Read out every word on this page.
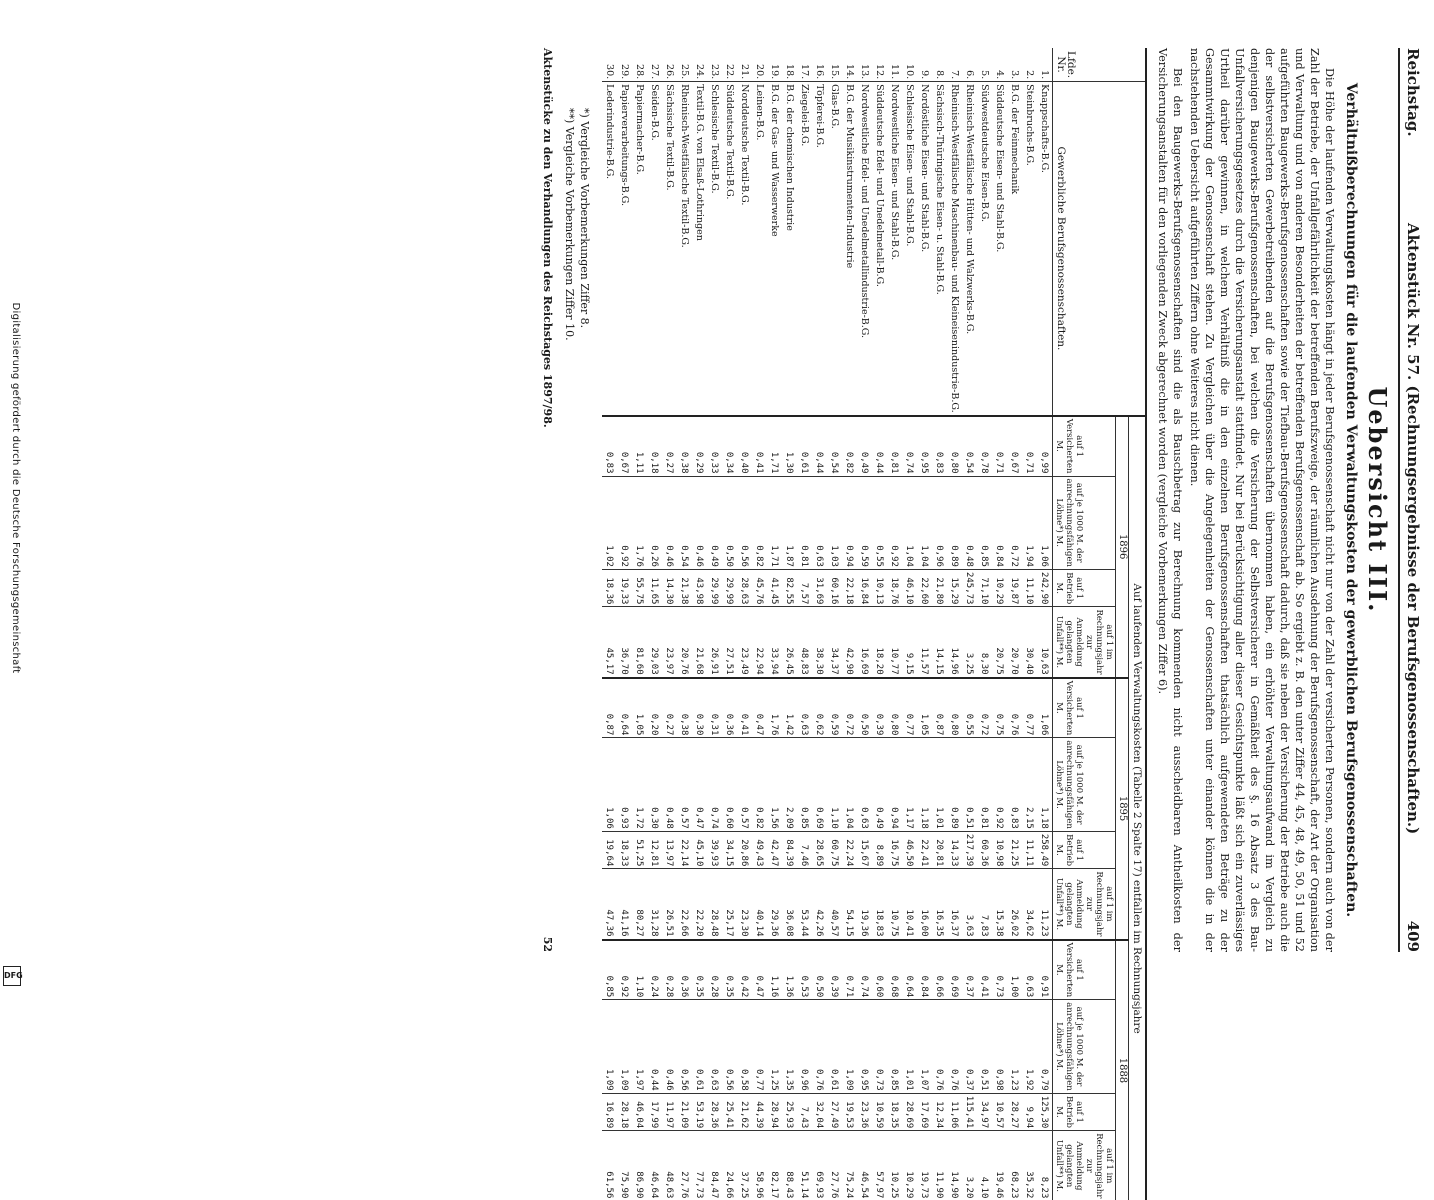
Digitalisierung gefördert durch die Deutsche Forschungsgemeinschaft
DFG
Reichstag.
Aktenstück Nr. 57. (Rechnungsergebnisse der Berufsgenossenschaften.)
409
Uebersicht III.
Verhältnißberechnungen für die laufenden Verwaltungskosten der gewerblichen Berufsgenossenschaften.

Die Höhe der laufenden Verwaltungskosten hängt in jeder Berufsgenossenschaft nicht nur von der Zahl der versicherten Personen, sondern auch von der Zahl der Betriebe, der Unfallgefährlichkeit der betreffenden Berufszweige, der räumlichen Ausdehnung der Berufsgenossenschaft, der Art der Organisation und Verwaltung und von anderen Besonderheiten der betreffenden Berufsgenossenschaft ab. So ergiebt z. B. den unter Ziffer 44, 45, 48, 49, 50, 51 und 52 aufgeführten Baugewerks-Berufsgenossenschaften sowie der Tiefbau-Berufsgenossenschaft dadurch, daß sie neben der Versicherung der Betriebe auch die der selbstversicherten Gewerbetreibenden auf die Berufsgenossenschaften übernommen haben, ein erhöhter Verwaltungsaufwand im Vergleich zu denjenigen Baugewerks-Berufsgenossenschaften, bei welchen die Versicherung der Selbstversicherer in Gemäßheit des §. 16 Absatz 3 des Bau-Unfallversicherungsgesetzes durch die Versicherungsanstalt stattfindet. Nur bei Berücksichtigung aller dieser Gesichtspunkte läßt sich ein zuverlässiges Urtheil darüber gewinnen, in welchem Verhältniß die in den einzelnen Berufsgenossenschaften thatsächlich aufgewendeten Beträge zu der Gesammtwirkung der Genossenschaft stehen. Zu Vergleichen über die Angelegenheiten der Genossenschaften unter einander können die in der nachstehenden Uebersicht aufgeführten Ziffern ohne Weiteres nicht dienen.

Bei den Baugewerks-Berufsgenossenschaften sind die als Bauschbetrag zur Berechnung kommenden nicht ausscheidbaren Antheilkosten der Versicherungsanstalten für den vorliegenden Zweck abgerechnet worden (vergleiche Vorbemerkungen Ziffer 6).

Lfde. Nr.	Gewerbliche Berufsgenossenschaften.	Auf laufenden Verwaltungskosten (Tabelle 2 Spalte 17) entfallen im Rechnungsjahre											
		1896				1895				1888			
		auf 1 Versicherten M.	auf je 1000 M. der anrechnungsfähigen Löhne*) M.	auf 1 Betrieb M.	auf 1 im Rechnungsjahr zur Anmeldung gelangten Unfall**) M.	auf 1 Versicherten M.	auf je 1000 M. der anrechnungsfähigen Löhne*) M.	auf 1 Betrieb M.	auf 1 im Rechnungsjahr zur Anmeldung gelangten Unfall**) M.	auf 1 Versicherten M.	auf je 1000 M. der anrechnungsfähigen Löhne*) M.	auf 1 Betrieb M.	auf 1 im Rechnungsjahr zur Anmeldung gelangten Unfall**) M.
1.	Knappschafts-B.G.	0,99	1,06	242,90	10,63	1,06	1,18	258,49	11,23	0,91	0,79	125,30	8,23
2.	Steinbruchs-B.G.	0,71	1,94	11,10	30,40	0,77	2,15	11,11	34,62	0,63	1,92	9,94	35,32
3.	B.G. der Feinmechanik	0,67	0,72	19,87	20,70	0,76	0,83	21,25	26,02	1,00	1,23	28,27	68,23
4.	Süddeutsche Eisen- und Stahl-B.G.	0,71	0,84	10,29	20,75	0,75	0,92	10,98	15,38	0,73	0,98	10,57	19,46
5.	Südwestdeutsche Eisen-B.G.	0,78	0,85	71,10	8,30	0,72	0,81	60,36	7,83	0,41	0,51	34,97	4,10
6.	Rheinisch-Westfälische Hütten- und Walzwerks-B.G.	0,54	0,48	245,73	3,25	0,55	0,51	217,39	3,63	0,37	0,37	115,41	3,20
7.	Rheinisch-Westfälische Maschinenbau- und Kleineisenindustrie-B.G.	0,80	0,89	15,29	14,96	0,80	0,89	14,33	16,37	0,69	0,76	11,06	14,90
8.	Sächsisch-Thüringische Eisen- u. Stahl-B.G.	0,83	0,96	21,80	14,15	0,87	1,01	20,81	16,35	0,66	0,76	12,34	11,90
9.	Nordöstliche Eisen- und Stahl-B.G.	0,95	1,04	22,60	11,57	1,05	1,18	22,41	16,00	0,84	1,07	17,69	19,73
10.	Schlesische Eisen- und Stahl-B.G.	0,74	1,04	46,10	9,15	0,77	1,17	46,50	10,41	0,64	1,01	28,69	10,29
11.	Nordwestliche Eisen- und Stahl-B.G.	0,81	0,92	18,76	10,77	0,80	0,94	16,75	10,75	0,68	0,85	18,35	10,25
12.	Süddeutsche Edel- und Unedelmetall-B.G.	0,44	0,55	10,13	18,20	0,39	0,49	8,89	18,83	0,60	0,73	10,59	57,97
13.	Nordwestliche Edel- und Unedelmetallindustrie-B.G.	0,49	0,59	16,84	16,69	0,50	0,63	15,67	19,36	0,74	0,95	23,36	46,54
14.	B.G. der Musikinstrumenten-Industrie	0,82	0,94	22,18	42,90	0,72	1,04	22,24	54,15	0,71	1,09	19,53	75,24
15.	Glas-B.G.	0,54	1,03	60,16	34,37	0,59	1,10	60,75	40,57	0,39	0,61	27,49	27,76
16.	Töpferei-B.G.	0,44	0,63	31,69	38,30	0,62	0,69	28,65	42,26	0,50	0,76	32,04	69,93
17.	Ziegelei-B.G.	0,61	0,81	7,57	48,83	0,63	0,85	7,46	53,44	0,53	0,96	7,43	51,14
18.	B.G. der chemischen Industrie	1,30	1,87	82,55	26,45	1,42	2,09	84,39	36,08	1,36	1,35	25,93	88,43
19.	B.G. der Gas- und Wasserwerke	1,71	1,71	41,45	33,94	1,76	1,56	42,47	29,36	1,16	1,25	28,94	82,17
20.	Leinen-B.G.	0,41	0,82	45,76	22,94	0,47	0,82	49,43	40,14	0,47	0,77	44,39	58,96
21.	Norddeutsche Textil-B.G.	0,40	0,56	28,63	23,49	0,41	0,57	20,86	23,30	0,42	0,58	21,62	37,25
22.	Süddeutsche Textil-B.G.	0,34	0,50	29,99	27,51	0,36	0,60	34,15	25,17	0,35	0,56	25,41	24,66
23.	Schlesische Textil-B.G.	0,33	0,49	29,99	26,91	0,31	0,74	39,93	28,48	0,28	0,63	28,36	84,47
24.	Textil-B.G. von Elsaß-Lothringen	0,29	0,46	43,98	21,68	0,30	0,47	45,10	22,20	0,35	0,61	53,19	77,73
25.	Rheinisch-Westfälische Textil-B.G.	0,38	0,54	21,38	20,76	0,38	0,57	22,14	22,66	0,36	0,56	21,09	27,76
26.	Sächsische Textil-B.G.	0,27	0,46	14,30	23,97	0,27	0,48	13,97	26,51	0,28	0,46	11,97	48,63
27.	Seiden-B.G.	0,18	0,26	11,65	29,03	0,20	0,30	12,81	31,28	0,24	0,44	17,99	46,64
28.	Papiermacher-B.G.	1,11	1,76	55,75	81,60	1,05	1,72	51,25	80,27	1,10	1,97	46,04	86,90
29.	Papierverarbeitungs-B.G.	0,67	0,92	19,33	36,70	0,64	0,93	18,33	41,16	0,92	1,09	28,18	75,90
30.	Lederindustrie-B.G.	0,83	1,02	18,36	45,17	0,87	1,06	19,64	47,36	0,85	1,09	16,89	61,56
*) Vergleiche Vorbemerkungen Ziffer 8.
**) Vergleiche Vorbemerkungen Ziffer 10.
Aktenstücke zu den Verhandlungen des Reichstages 1897/98.
52
